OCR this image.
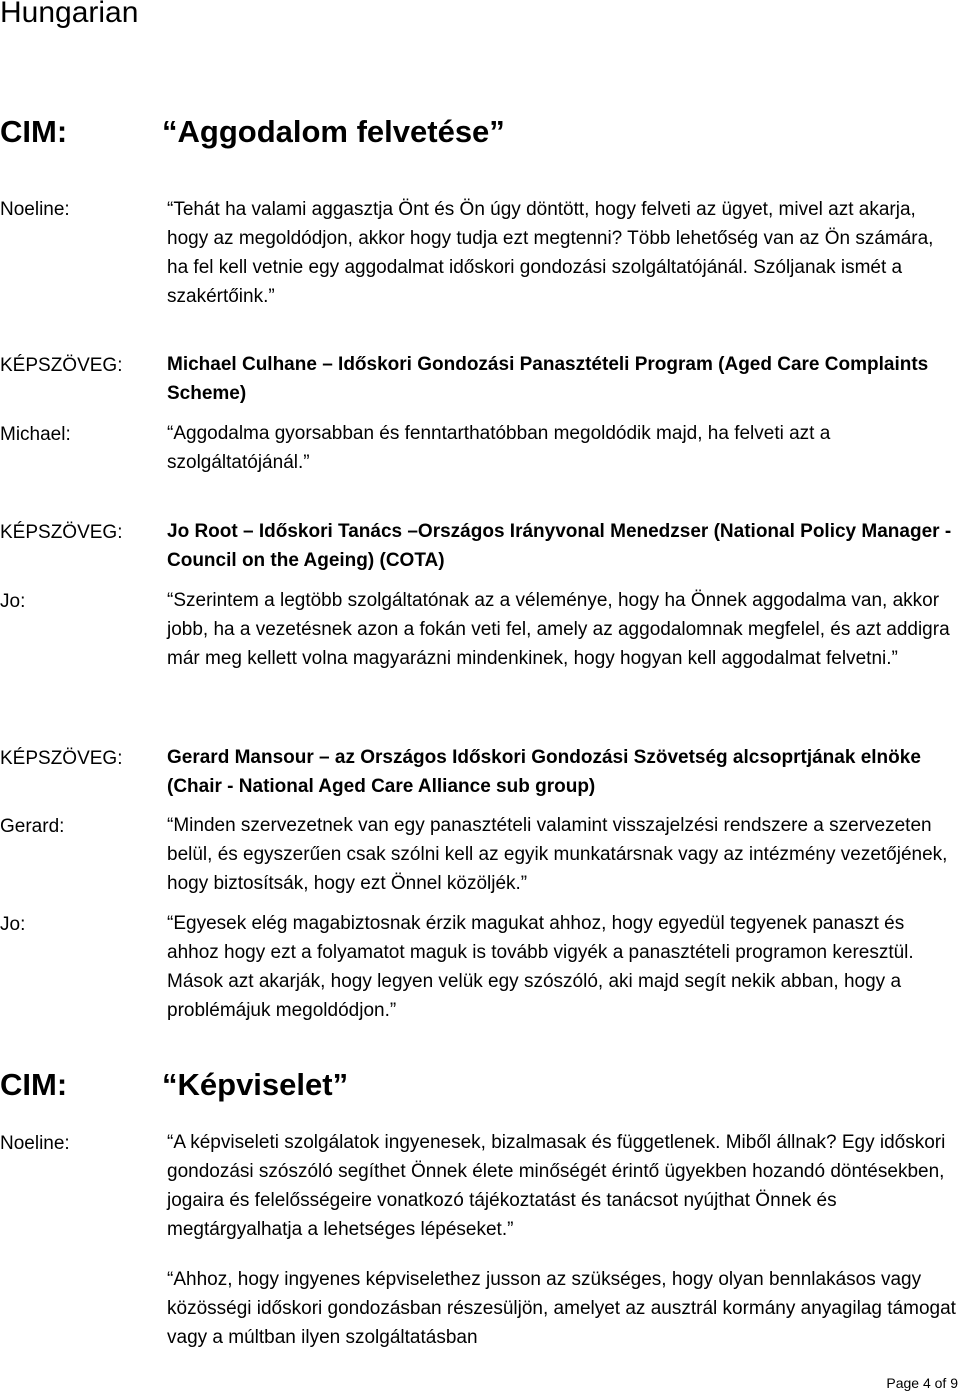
Hungarian
CIM:	“Aggodalom felvetése”
Noeline:	“Tehát ha valami aggasztja Önt és Ön úgy döntött, hogy felveti az ügyet, mivel azt akarja, hogy az megoldódjon, akkor hogy tudja ezt megtenni? Több lehetőség van az Ön számára, ha fel kell vetnie egy aggodalmat időskori gondozási szolgáltatójánál. Szóljanak ismét a szakértőink.”
KÉPSZÖVEG: Michael Culhane – Időskori Gondozási Panasztételi Program (Aged Care Complaints Scheme)
Michael:	“Aggodalma gyorsabban és fenntarthatóbban megoldódik majd, ha felveti azt a szolgáltatójánál.”
KÉPSZÖVEG: Jo Root – Időskori Tanács –Országos Irányvonal Menedzser (National Policy Manager - Council on the Ageing) (COTA)
Jo:	“Szerintem a legtöbb szolgáltatónak az a véleménye, hogy ha Önnek aggodalma van, akkor jobb, ha a vezetésnek azon a fokán veti fel, amely az aggodalomnak megfelel, és azt addigra már meg kellett volna magyarázni mindenkinek, hogy hogyan kell aggodalmat felvetni.”
KÉPSZÖVEG: Gerard Mansour – az Országos Időskori Gondozási Szövetség alcsoprtjának elnöke (Chair - National Aged Care Alliance sub group)
Gerard:	“Minden szervezetnek van egy panasztételi valamint visszajelzési rendszere a szervezeten belül, és egyszerűen csak szólni kell az egyik munkatársnak vagy az intézmény vezetőjének, hogy biztosítsák, hogy ezt Önnel közöljék.”
Jo:	“Egyesek elég magabiztosnak érzik magukat ahhoz, hogy egyedül tegyenek panaszt és ahhoz hogy ezt a folyamatot maguk is tovább vigyék a panasztételi programon keresztül. Mások azt akarják, hogy legyen velük egy szószóló, aki majd segít nekik abban, hogy a problémájuk megoldódjon.”
CIM:	“Képviselet”
Noeline:	“A képviseleti szolgálatok ingyenesek, bizalmasak és függetlenek. Miből állnak? Egy időskori gondozási szószóló segíthet Önnek élete minőségét érintő ügyekben hozandó döntésekben, jogaira és felelősségeire vonatkozó tájékoztatást és tanácsot nyújthat Önnek és megtárgyalhatja a lehetséges lépéseket.”
“Ahhoz, hogy ingyenes képviselethez jusson az szükséges, hogy olyan bennlakásos vagy közösségi időskori gondozásban részesüljön, amelyet az ausztrál kormány anyagilag támogat vagy a múltban ilyen szolgáltatásban
Page 4 of 9
